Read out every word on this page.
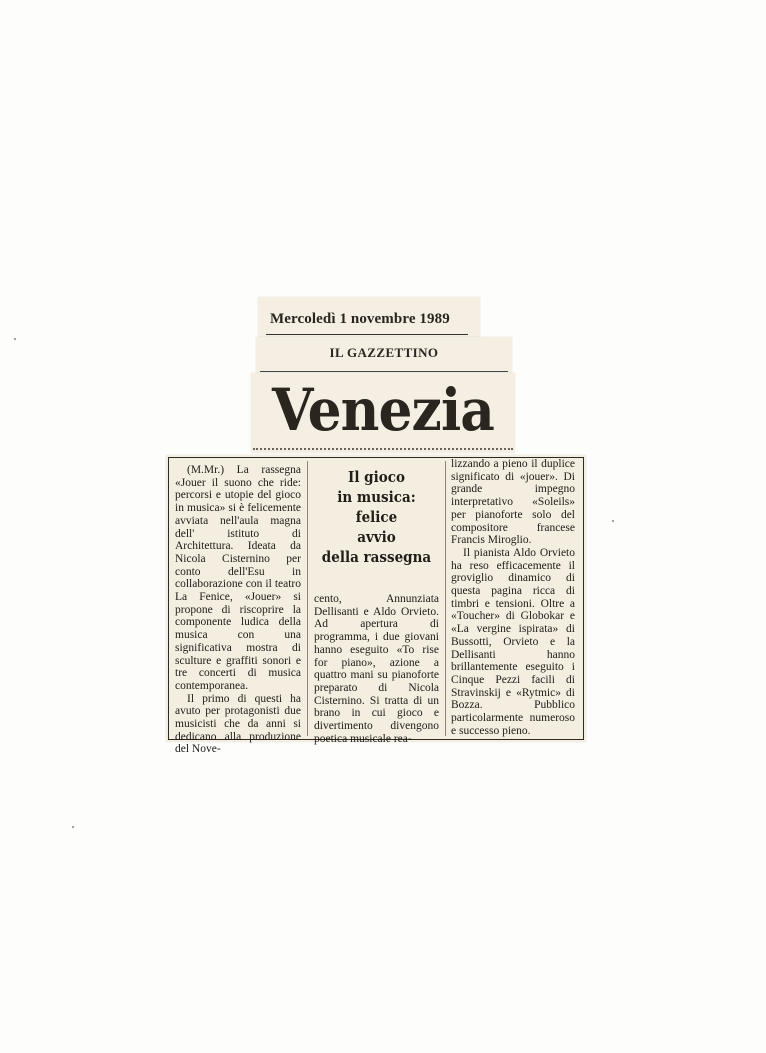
Mercoledì 1 novembre 1989
IL GAZZETTINO
Venezia

(M.Mr.) La rassegna «Jouer il suono che ride: percorsi e utopie del gioco in musica» si è felicemente avviata nell'aula magna dell' istituto di Architettura. Ideata da Nicola Cisternino per conto dell'Esu in collaborazione con il teatro La Fenice, «Jouer» si propone di riscoprire la componente ludica della musica con una significativa mostra di sculture e graffiti sonori e tre concerti di musica contemporanea.

Il primo di questi ha avuto per protagonisti due musicisti che da anni si dedicano alla produzione del Nove-

Il gioco
in musica:
felice
avvio
della rassegna

cento, Annunziata Dellisanti e Aldo Orvieto. Ad apertura di programma, i due giovani hanno eseguito «To rise for piano», azione a quattro mani su pianoforte preparato di Nicola Cisternino. Si tratta di un brano in cui gioco e divertimento divengono poetica musicale rea-

lizzando a pieno il duplice significato di «jouer». Di grande impegno interpretativo «Soleils» per pianoforte solo del compositore francese Francis Miroglio.

Il pianista Aldo Orvieto ha reso efficacemente il groviglio dinamico di questa pagina ricca di timbri e tensioni. Oltre a «Toucher» di Globokar e «La vergine ispirata» di Bussotti, Orvieto e la Dellisanti hanno brillantemente eseguito i Cinque Pezzi facili di Stravinskij e «Rytmic» di Bozza. Pubblico particolarmente numeroso e successo pieno.
